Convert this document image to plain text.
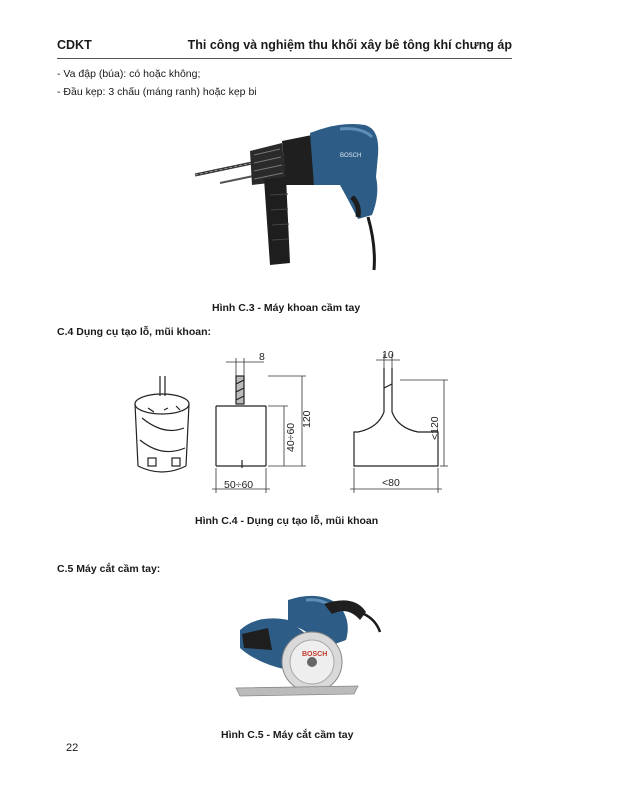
CDKT	Thi công và nghiệm thu khối xây bê tông khí chưng áp
- Va đập (búa): có hoặc không;
- Đầu kẹp: 3 chấu (máng ranh) hoặc kẹp bi
BOSCH
Hình C.3 - Máy khoan cầm tay
C.4 Dụng cụ tạo lỗ, mũi khoan:
8
120
40÷60
50÷60
10
<120
<80
Hình C.4 - Dụng cụ tạo lỗ, mũi khoan
C.5 Máy cắt cầm tay:
BOSCH
Hình C.5 - Máy cắt cầm tay
22
